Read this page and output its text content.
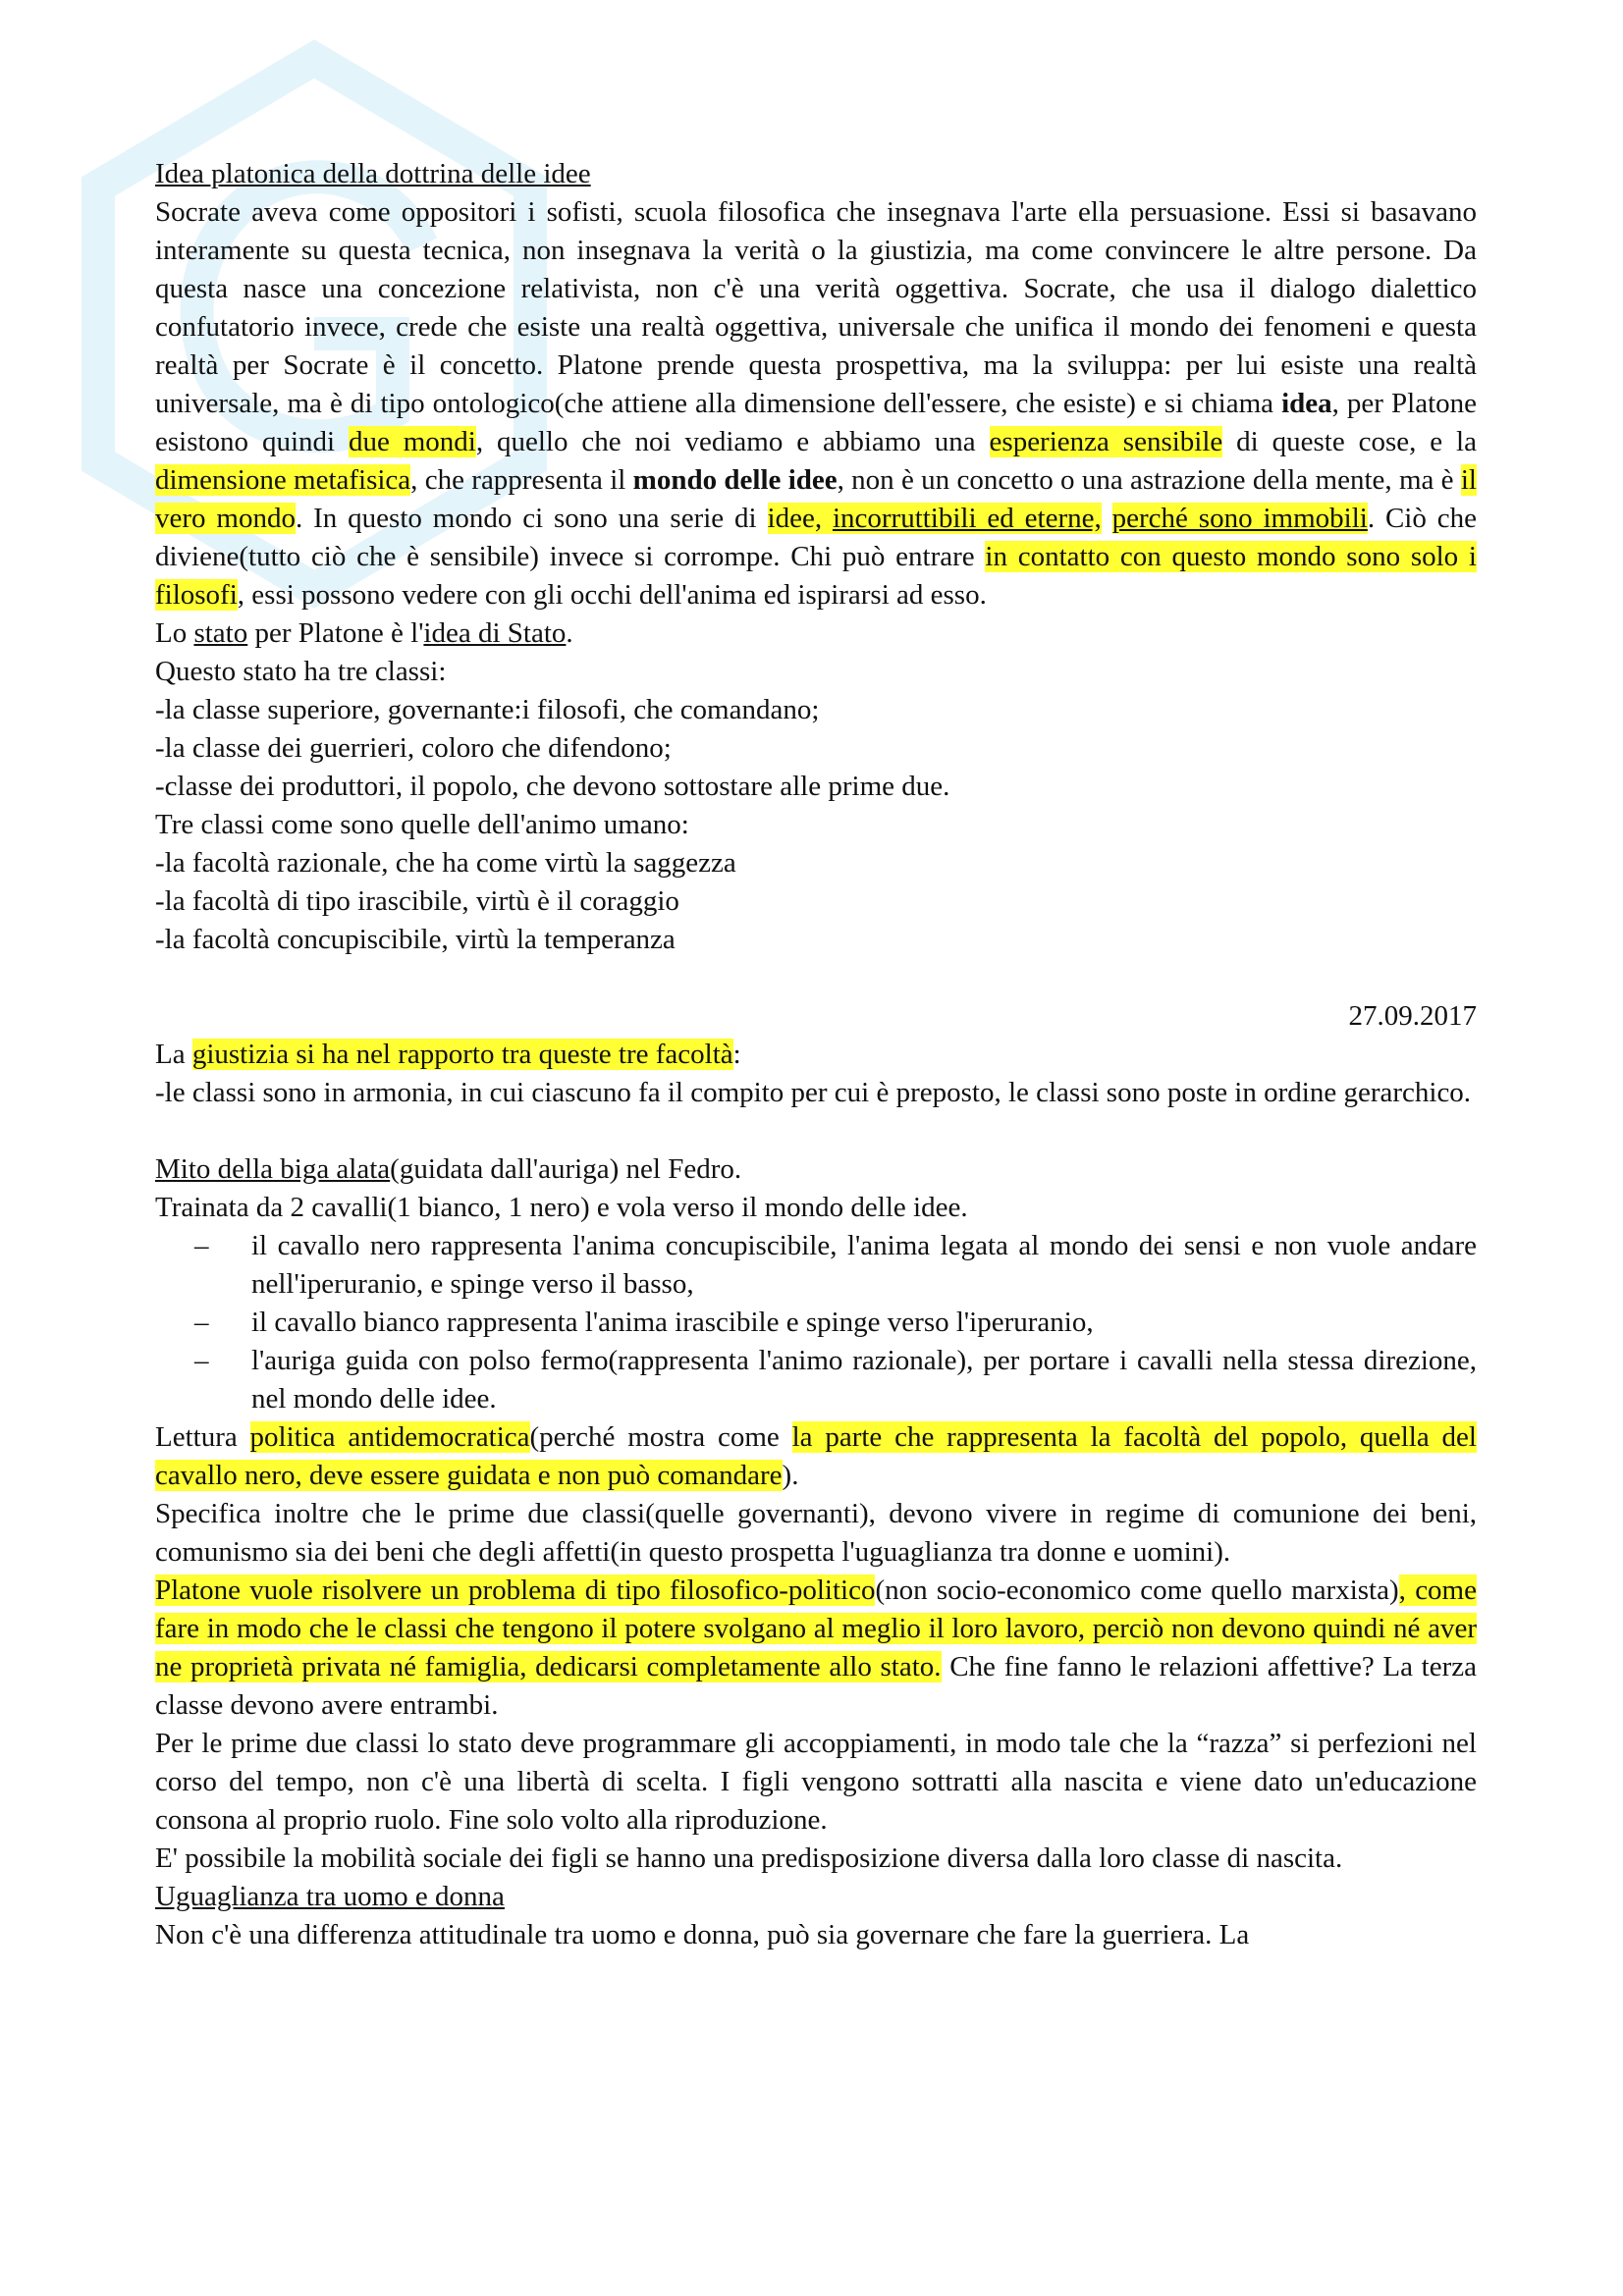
Idea platonica della dottrina delle idee

Socrate aveva come oppositori i sofisti, scuola filosofica che insegnava l'arte ella persuasione. Essi si basavano interamente su questa tecnica, non insegnava la verità o la giustizia, ma come convincere le altre persone. Da questa nasce una concezione relativista, non c'è una verità oggettiva. Socrate, che usa il dialogo dialettico confutatorio invece, crede che esiste una realtà oggettiva, universale che unifica il mondo dei fenomeni e questa realtà per Socrate è il concetto. Platone prende questa prospettiva, ma la sviluppa: per lui esiste una realtà universale, ma è di tipo ontologico(che attiene alla dimensione dell'essere, che esiste) e si chiama idea, per Platone esistono quindi due mondi, quello che noi vediamo e abbiamo una esperienza sensibile di queste cose, e la dimensione metafisica, che rappresenta il mondo delle idee, non è un concetto o una astrazione della mente, ma è il vero mondo. In questo mondo ci sono una serie di idee, incorruttibili ed eterne, perché sono immobili. Ciò che diviene(tutto ciò che è sensibile) invece si corrompe. Chi può entrare in contatto con questo mondo sono solo i filosofi, essi possono vedere con gli occhi dell'anima ed ispirarsi ad esso.

Lo stato per Platone è l'idea di Stato.

Questo stato ha tre classi:

-la classe superiore, governante:i filosofi, che comandano;

-la classe dei guerrieri, coloro che difendono;

-classe dei produttori, il popolo, che devono sottostare alle prime due.

Tre classi come sono quelle dell'animo umano:

-la facoltà razionale, che ha come virtù la saggezza

-la facoltà di tipo irascibile, virtù è il coraggio

-la facoltà concupiscibile, virtù la temperanza

27.09.2017

La giustizia si ha nel rapporto tra queste tre facoltà:

-le classi sono in armonia, in cui ciascuno fa il compito per cui è preposto, le classi sono poste in ordine gerarchico.

Mito della biga alata(guidata dall'auriga) nel Fedro.

Trainata da 2 cavalli(1 bianco, 1 nero) e vola verso il mondo delle idee.

– il cavallo nero rappresenta l'anima concupiscibile, l'anima legata al mondo dei sensi e non vuole andare nell'iperuranio, e spinge verso il basso,
– il cavallo bianco rappresenta l'anima irascibile e spinge verso l'iperuranio,
– l'auriga guida con polso fermo(rappresenta l'animo razionale), per portare i cavalli nella stessa direzione, nel mondo delle idee.

Lettura politica antidemocratica(perché mostra come la parte che rappresenta la facoltà del popolo, quella del cavallo nero, deve essere guidata e non può comandare).

Specifica inoltre che le prime due classi(quelle governanti), devono vivere in regime di comunione dei beni, comunismo sia dei beni che degli affetti(in questo prospetta l'uguaglianza tra donne e uomini).

Platone vuole risolvere un problema di tipo filosofico-politico(non socio-economico come quello marxista), come fare in modo che le classi che tengono il potere svolgano al meglio il loro lavoro, perciò non devono quindi né aver ne proprietà privata né famiglia, dedicarsi completamente allo stato. Che fine fanno le relazioni affettive? La terza classe devono avere entrambi.

Per le prime due classi lo stato deve programmare gli accoppiamenti, in modo tale che la “razza” si perfezioni nel corso del tempo, non c'è una libertà di scelta. I figli vengono sottratti alla nascita e viene dato un'educazione consona al proprio ruolo. Fine solo volto alla riproduzione.

E' possibile la mobilità sociale dei figli se hanno una predisposizione diversa dalla loro classe di nascita.

Uguaglianza tra uomo e donna

Non c'è una differenza attitudinale tra uomo e donna, può sia governare che fare la guerriera. La
